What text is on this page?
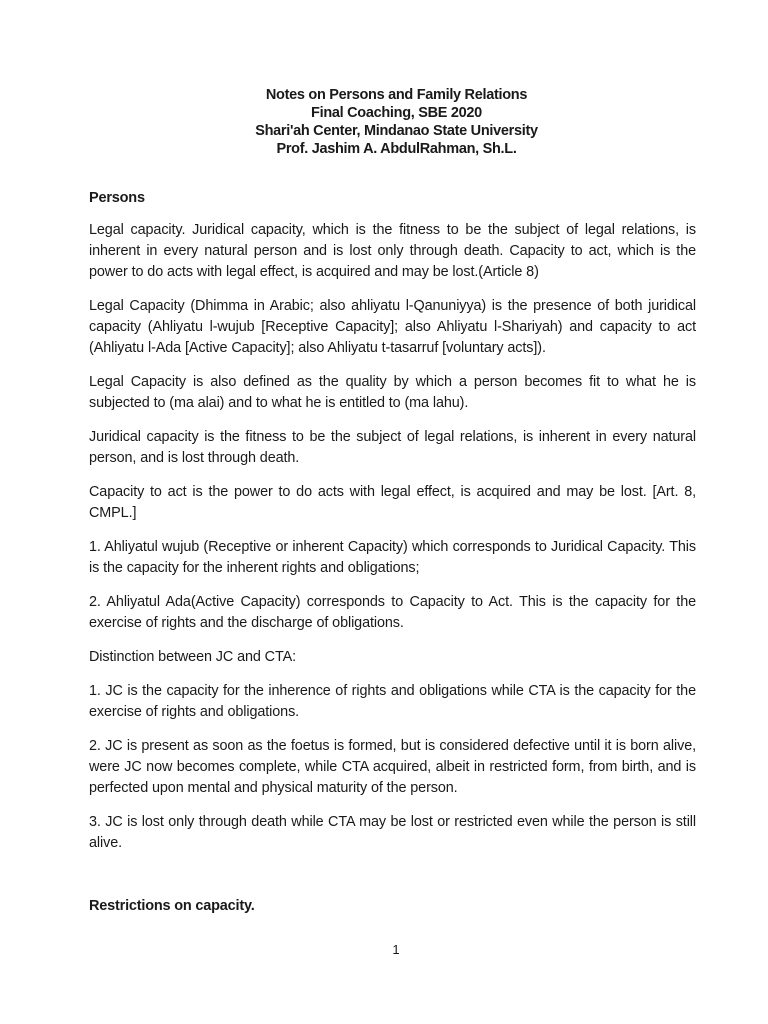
Notes on Persons and Family Relations
Final Coaching, SBE 2020
Shari'ah Center, Mindanao State University
Prof. Jashim A. AbdulRahman, Sh.L.
Persons

Legal capacity. Juridical capacity, which is the fitness to be the subject of legal relations, is inherent in every natural person and is lost only through death. Capacity to act, which is the power to do acts with legal effect, is acquired and may be lost.(Article 8)

Legal Capacity (Dhimma in Arabic; also ahliyatu l-Qanuniyya) is the presence of both juridical capacity (Ahliyatu l-wujub [Receptive Capacity]; also Ahliyatu l-Shariyah) and capacity to act (Ahliyatu l-Ada [Active Capacity]; also Ahliyatu t-tasarruf [voluntary acts]).

Legal Capacity is also defined as the quality by which a person becomes fit to what he is subjected to (ma alai) and to what he is entitled to (ma lahu).

Juridical capacity is the fitness to be the subject of legal relations, is inherent in every natural person, and is lost through death.

Capacity to act is the power to do acts with legal effect, is acquired and may be lost. [Art. 8, CMPL.]

1. Ahliyatul wujub (Receptive or inherent Capacity) which corresponds to Juridical Capacity. This is the capacity for the inherent rights and obligations;

2. Ahliyatul Ada(Active Capacity) corresponds to Capacity to Act. This is the capacity for the exercise of rights and the discharge of obligations.

Distinction between JC and CTA:

1. JC is the capacity for the inherence of rights and obligations while CTA is the capacity for the exercise of rights and obligations.

2. JC is present as soon as the foetus is formed, but is considered defective until it is born alive, were JC now becomes complete, while CTA acquired, albeit in restricted form, from birth, and is perfected upon mental and physical maturity of the person.

3. JC is lost only through death while CTA may be lost or restricted even while the person is still alive.

Restrictions on capacity.
1
